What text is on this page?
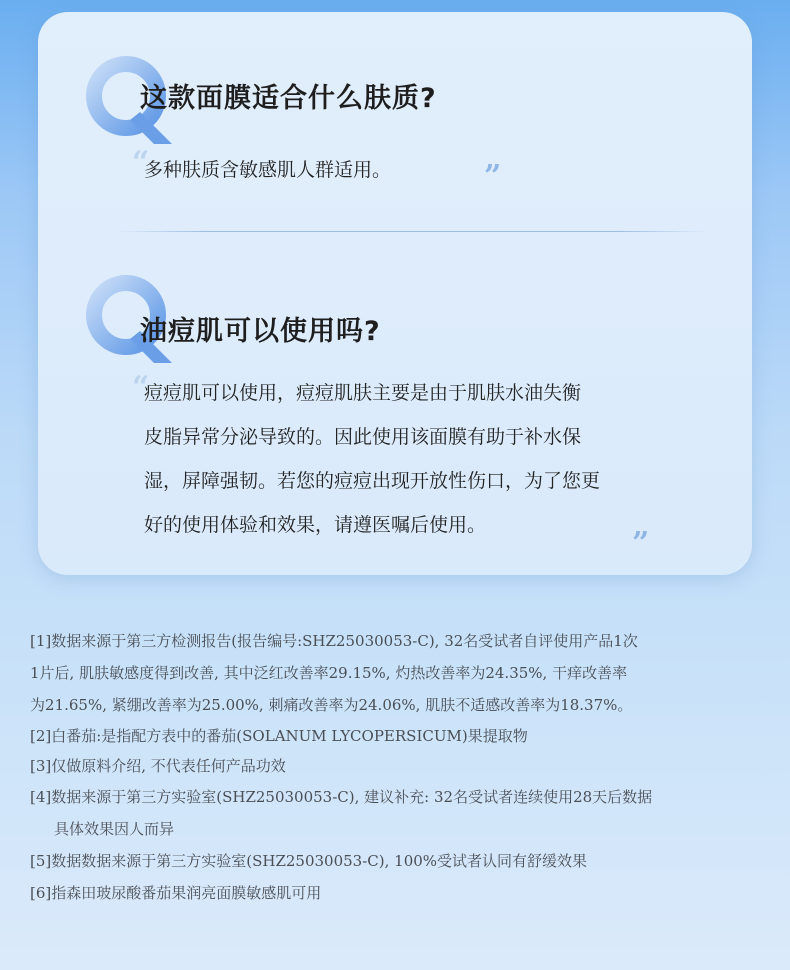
这款面膜适合什么肤质?
“
多种肤质含敏感肌人群适用。	”
油痘肌可以使用吗?
“
痘痘肌可以使用，痘痘肌肤主要是由于肌肤水油失衡
皮脂异常分泌导致的。因此使用该面膜有助于补水保
湿，屏障强韧。若您的痘痘出现开放性伤口，为了您更
好的使用体验和效果，请遵医嘱后使用。
”
[1]数据来源于第三方检测报告(报告编号:SHZ25030053-C), 32名受试者自评使用产品1次
1片后, 肌肤敏感度得到改善, 其中泛红改善率29.15%, 灼热改善率为24.35%, 干痒改善率
为21.65%, 紧绷改善率为25.00%, 刺痛改善率为24.06%, 肌肤不适感改善率为18.37%。
[2]白番茄:是指配方表中的番茄(SOLANUM LYCOPERSICUM)果提取物
[3]仅做原料介绍, 不代表任何产品功效
[4]数据来源于第三方实验室(SHZ25030053-C), 建议补充: 32名受试者连续使用28天后数据
具体效果因人而异
[5]数据数据来源于第三方实验室(SHZ25030053-C), 100%受试者认同有舒缓效果
[6]指森田玻尿酸番茄果润亮面膜敏感肌可用
